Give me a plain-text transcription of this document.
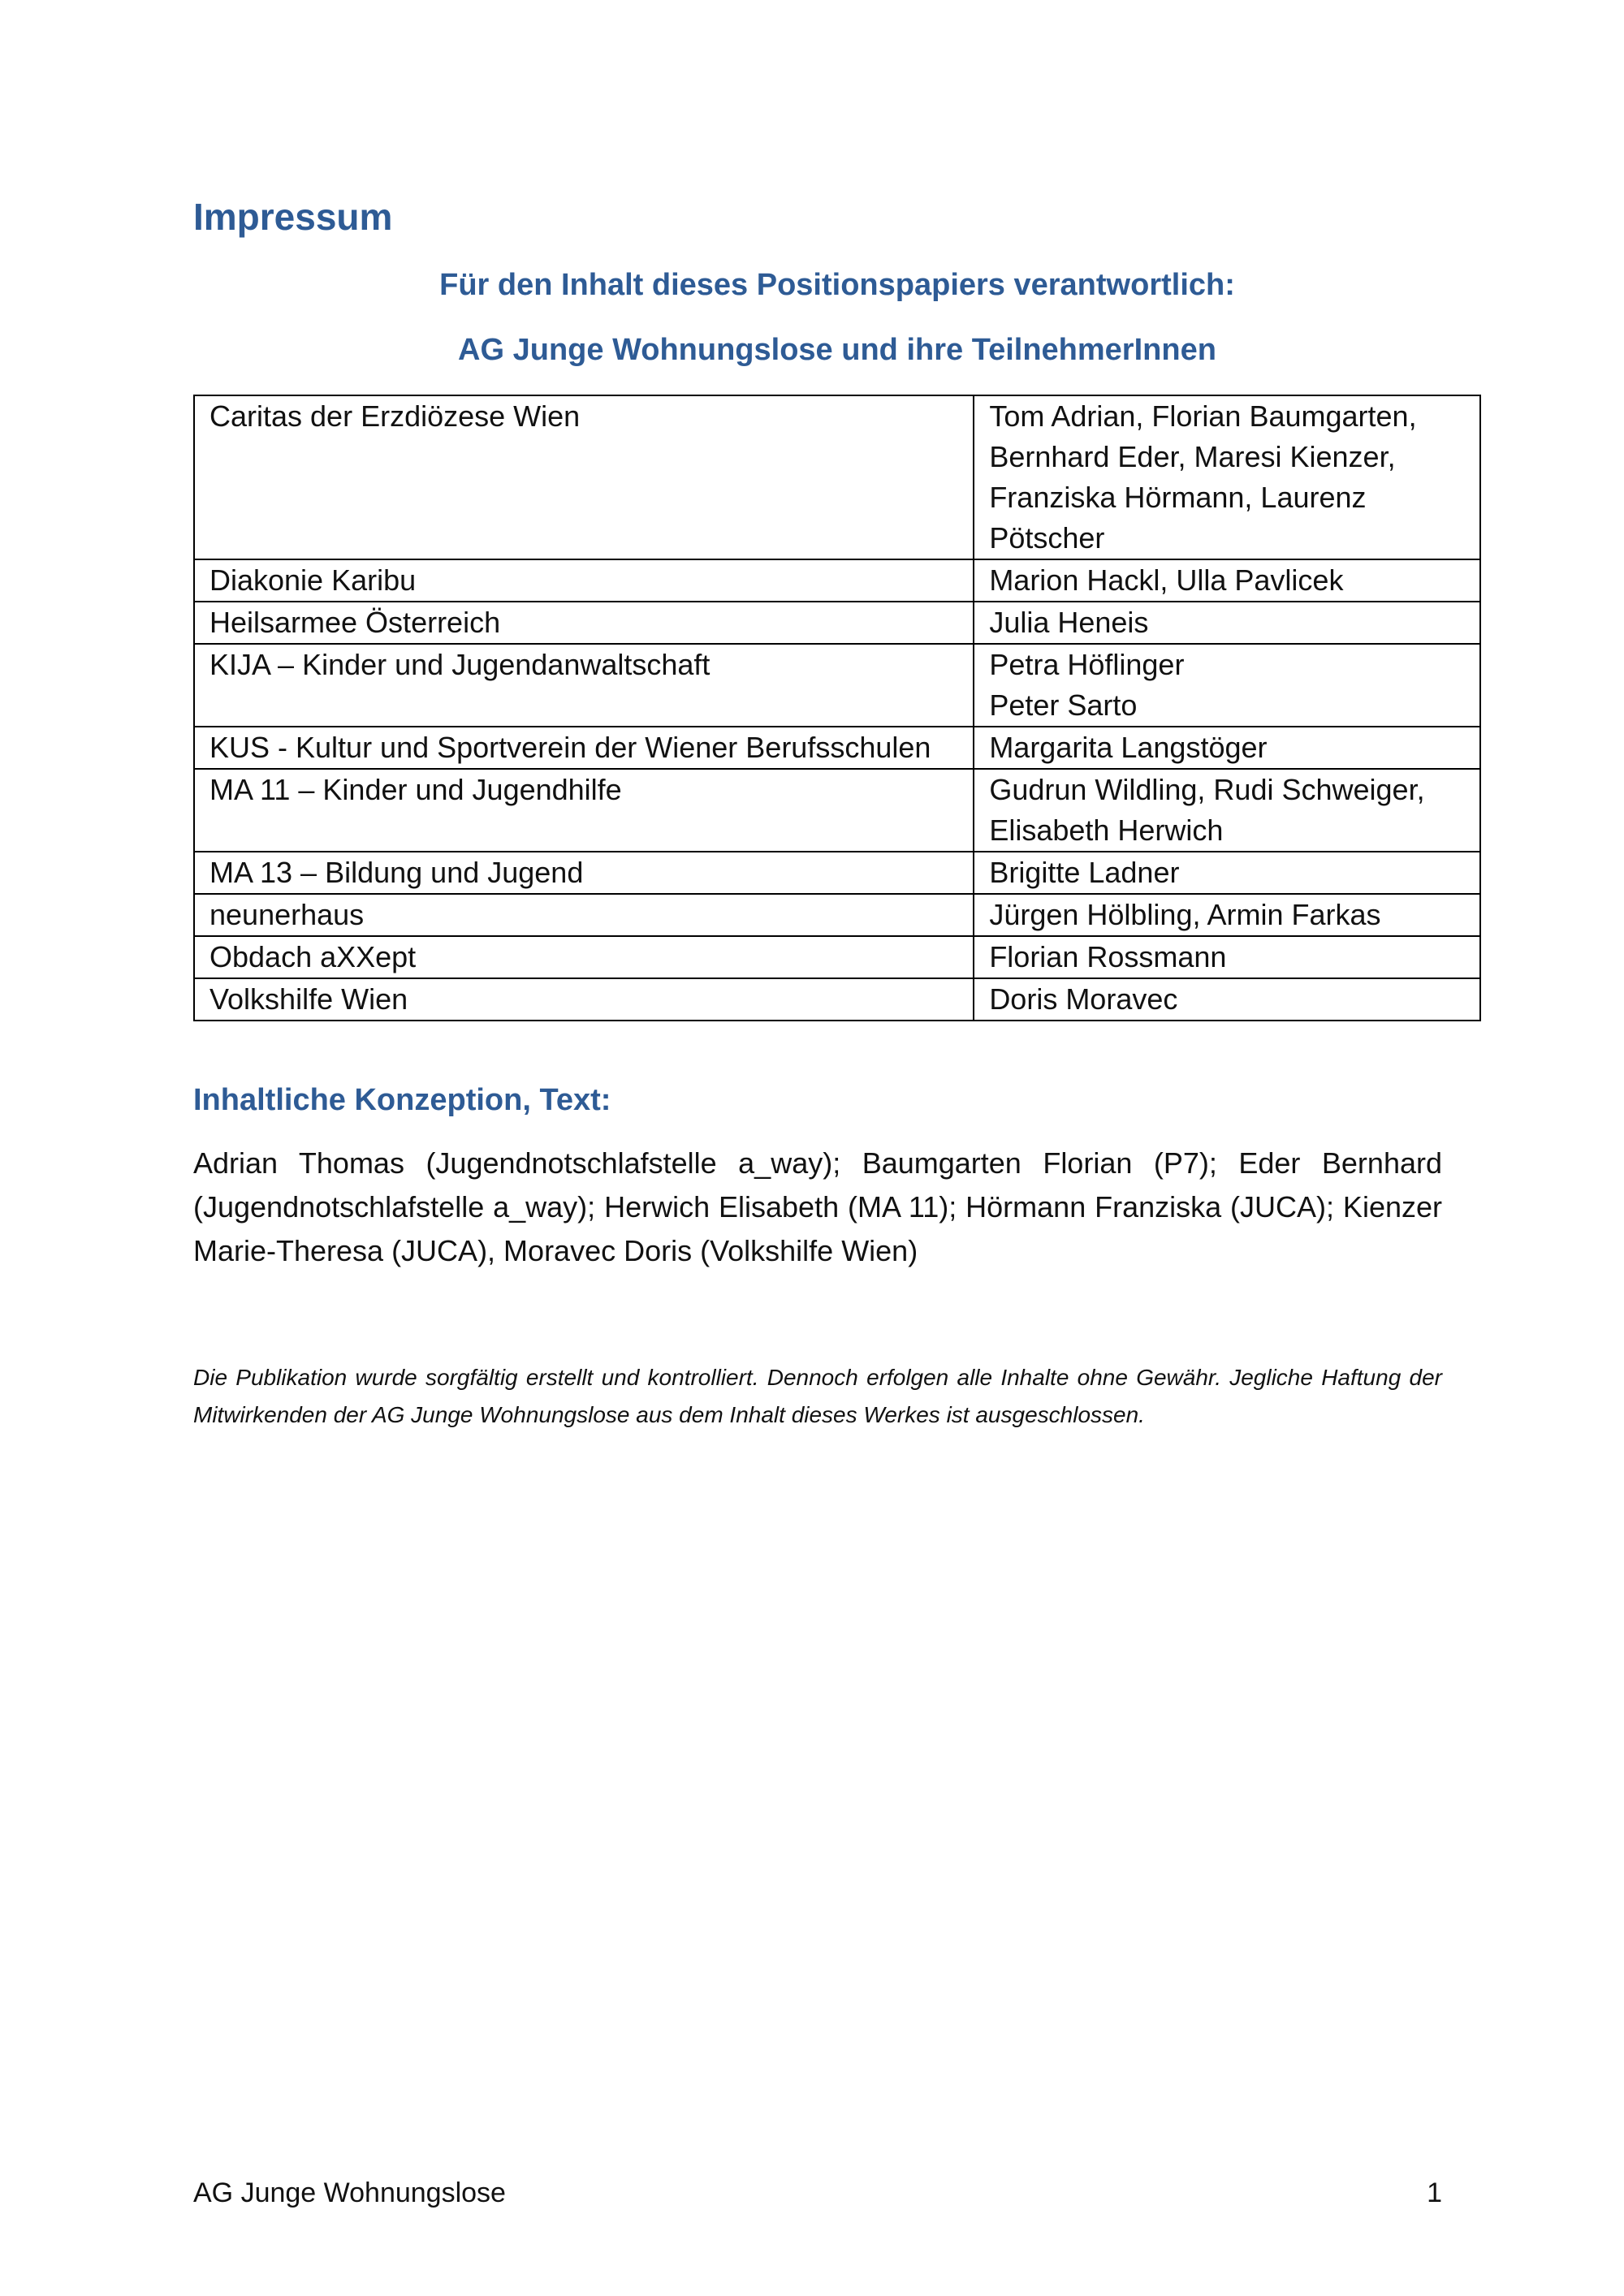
Impressum

Für den Inhalt dieses Positionspapiers verantwortlich:

AG Junge Wohnungslose und ihre TeilnehmerInnen

Caritas der Erzdiözese Wien	Tom Adrian, Florian Baumgarten,
Bernhard Eder, Maresi Kienzer,
Franziska Hörmann, Laurenz
Pötscher

Diakonie Karibu	Marion Hackl, Ulla Pavlicek

Heilsarmee Österreich	Julia Heneis

KIJA – Kinder und Jugendanwaltschaft	Petra Höflinger
Peter Sarto

KUS - Kultur und Sportverein der Wiener Berufsschulen	Margarita Langstöger

MA 11 – Kinder und Jugendhilfe	Gudrun Wildling, Rudi Schweiger,
Elisabeth Herwich

MA 13 – Bildung und Jugend	Brigitte Ladner

neunerhaus	Jürgen Hölbling, Armin Farkas

Obdach aXXept	Florian Rossmann

Volkshilfe Wien	Doris Moravec
Inhaltliche Konzeption, Text:

Adrian Thomas (Jugendnotschlafstelle a_way); Baumgarten Florian (P7); Eder Bernhard (Jugendnotschlafstelle a_way); Herwich Elisabeth (MA 11); Hörmann Franziska (JUCA); Kienzer Marie-Theresa (JUCA), Moravec Doris (Volkshilfe Wien)

Die Publikation wurde sorgfältig erstellt und kontrolliert. Dennoch erfolgen alle Inhalte ohne Gewähr. Jegliche Haftung der Mitwirkenden der AG Junge Wohnungslose aus dem Inhalt dieses Werkes ist ausgeschlossen.

AG Junge Wohnungslose	1
